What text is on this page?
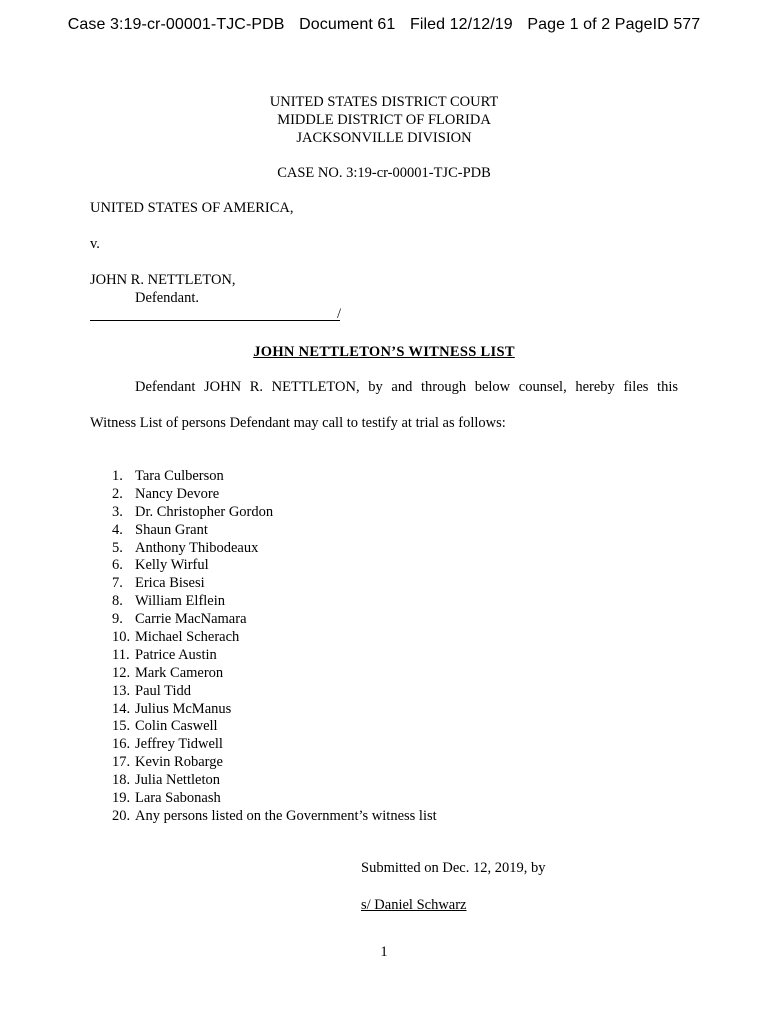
Case 3:19-cr-00001-TJC-PDB Document 61 Filed 12/12/19 Page 1 of 2 PageID 577
UNITED STATES DISTRICT COURT
MIDDLE DISTRICT OF FLORIDA
JACKSONVILLE DIVISION
CASE NO. 3:19-cr-00001-TJC-PDB
UNITED STATES OF AMERICA,
v.
JOHN R. NETTLETON,
Defendant.
/
JOHN NETTLETON’S WITNESS LIST
Defendant JOHN R. NETTLETON, by and through below counsel, hereby files this
Witness List of persons Defendant may call to testify at trial as follows:
1. Tara Culberson
2. Nancy Devore
3. Dr. Christopher Gordon
4. Shaun Grant
5. Anthony Thibodeaux
6. Kelly Wirful
7. Erica Bisesi
8. William Elflein
9. Carrie MacNamara
10. Michael Scherach
11. Patrice Austin
12. Mark Cameron
13. Paul Tidd
14. Julius McManus
15. Colin Caswell
16. Jeffrey Tidwell
17. Kevin Robarge
18. Julia Nettleton
19. Lara Sabonash
20. Any persons listed on the Government’s witness list
Submitted on Dec. 12, 2019, by
s/ Daniel Schwarz
1
